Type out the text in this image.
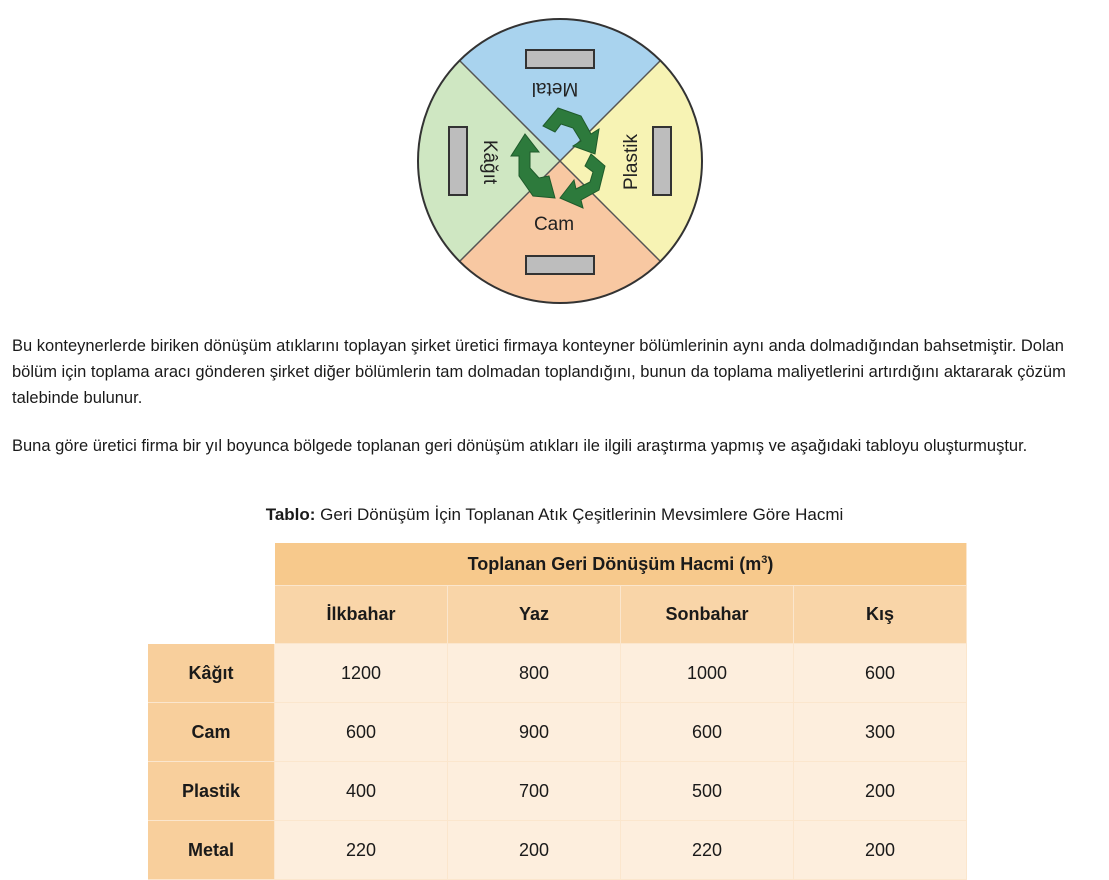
Metal
Plastik
Cam
Kâğıt

Bu konteynerlerde biriken dönüşüm atıklarını toplayan şirket üretici firmaya konteyner bölümlerinin aynı anda dolmadığından bahsetmiştir. Dolan bölüm için toplama aracı gönderen şirket diğer bölümlerin tam dolmadan toplandığını, bunun da toplama maliyetlerini artırdığını aktararak çözüm talebinde bulunur.

Buna göre üretici firma bir yıl boyunca bölgede toplanan geri dönüşüm atıkları ile ilgili araştırma yapmış ve aşağıdaki tabloyu oluşturmuştur.

Tablo: Geri Dönüşüm İçin Toplanan Atık Çeşitlerinin Mevsimlere Göre Hacmi
	Toplanan Geri Dönüşüm Hacmi $(m^3)$			
	İlkbahar	Yaz	Sonbahar	Kış
Kâğıt	1200	800	1000	600
Cam	600	900	600	300
Plastik	400	700	500	200
Metal	220	200	220	200
